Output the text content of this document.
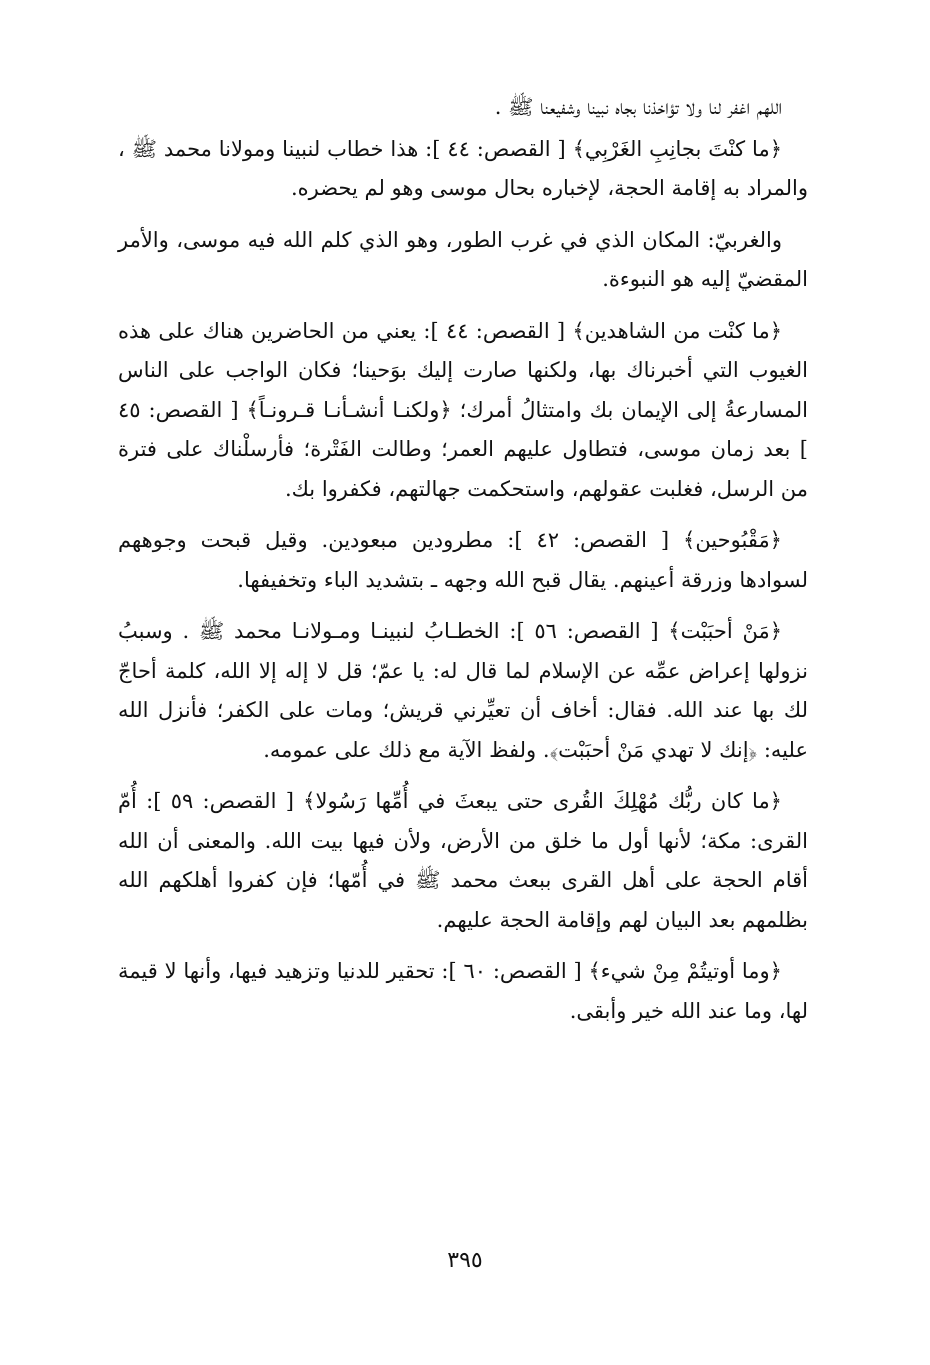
اللهم اغفر لنا ولا تؤاخذنا بجاه نبينا وشفيعنا ﷺ .

﴿ما كنْتَ بجانِبِ الغَرْبِي﴾ [ القصص: ٤٤ ]: هذا خطاب لنبينا ومولانا محمد ﷺ ، والمراد به إقامة الحجة، لإخباره بحال موسى وهو لم يحضره.

والغربيّ: المكان الذي في غرب الطور، وهو الذي كلم الله فيه موسى، والأمر المقضيّ إليه هو النبوءة.

﴿ما كنْت من الشاهدين﴾ [ القصص: ٤٤ ]: يعني من الحاضرين هناك على هذه الغيوب التي أخبرناك بها، ولكنها صارت إليك بوَحينا؛ فكان الواجب على الناس المسارعةُ إلى الإيمان بك وامتثالُ أمرك؛ ﴿ولكنـا أنشـأنـا قـرونـاً﴾ [ القصص: ٤٥ ] بعد زمان موسى، فتطاول عليهم العمر؛ وطالت الفَتْرة؛ فأرسلْناك على فترة من الرسل، فغلبت عقولهم، واستحكمت جهالتهم، فكفروا بك.

﴿مَقْبُوحين﴾ [ القصص: ٤٢ ]: مطرودين مبعودين. وقيل قبحت وجوههم لسوادها وزرقة أعينهم. يقال قبح الله وجهه ـ بتشديد الباء وتخفيفها.

﴿مَنْ أحبَبْت﴾ [ القصص: ٥٦ ]: الخطـابُ لنبينـا ومـولانـا محمد ﷺ . وسببُ نزولها إعراض عمِّه عن الإسلام لما قال له: يا عمّ؛ قل لا إله إلا الله، كلمة أحاجّ لك بها عند الله. فقال: أخاف أن تعيِّرني قريش؛ ومات على الكفر؛ فأنزل الله عليه: ﴿إنك لا تهدي مَنْ أحبَبْت﴾. ولفظ الآية مع ذلك على عمومه.

﴿ما كان ربُّك مُهْلِكَ القُرى حتى يبعثَ في أُمِّها رَسُولا﴾ [ القصص: ٥٩ ]: أُمّ القرى: مكة؛ لأنها أول ما خلق من الأرض، ولأن فيها بيت الله. والمعنى أن الله أقام الحجة على أهل القرى ببعث محمد ﷺ في أُمّها؛ فإن كفروا أهلكهم الله بظلمهم بعد البيان لهم وإقامة الحجة عليهم.

﴿وما أوتيتُمْ مِنْ شيء﴾ [ القصص: ٦٠ ]: تحقير للدنيا وتزهيد فيها، وأنها لا قيمة لها، وما عند الله خير وأبقى.

٣٩٥
